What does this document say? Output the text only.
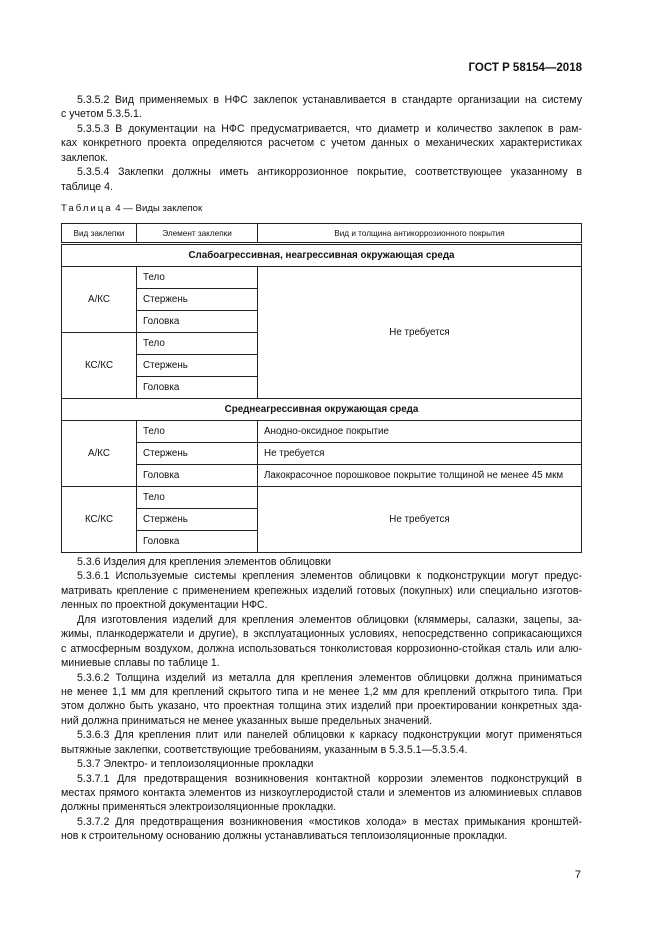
ГОСТ Р 58154—2018
5.3.5.2 Вид применяемых в НФС заклепок устанавливается в стандарте организации на систему
с учетом 5.3.5.1.
5.3.5.3 В документации на НФС предусматривается, что диаметр и количество заклепок в рам-
ках конкретного проекта определяются расчетом с учетом данных о механических характеристиках
заклепок.
5.3.5.4 Заклепки должны иметь антикоррозионное покрытие, соответствующее указанному в
таблице 4.
Таблица 4 — Виды заклепок
Вид заклепки	Элемент заклепки	Вид и толщина антикоррозионного покрытия
Слабоагрессивная, неагрессивная окружающая среда		
А/КС	Тело	Не требуется
	Стержень	
	Головка	
КС/КС	Тело	
	Стержень	
	Головка	
Среднеагрессивная окружающая среда		
А/КС	Тело	Анодно-оксидное покрытие
	Стержень	Не требуется
	Головка	Лакокрасочное порошковое покрытие толщиной не менее 45 мкм
КС/КС	Тело	Не требуется
	Стержень	
	Головка	
5.3.6 Изделия для крепления элементов облицовки
5.3.6.1 Используемые системы крепления элементов облицовки к подконструкции могут предус-
матривать крепление с применением крепежных изделий готовых (покупных) или специально изготов-
ленных по проектной документации НФС.
Для изготовления изделий для крепления элементов облицовки (кляммеры, салазки, зацепы, за-
жимы, планкодержатели и другие), в эксплуатационных условиях, непосредственно соприкасающихся
с атмосферным воздухом, должна использоваться тонколистовая коррозионно-стойкая сталь или алю-
миниевые сплавы по таблице 1.
5.3.6.2 Толщина изделий из металла для крепления элементов облицовки должна приниматься
не менее 1,1 мм для креплений скрытого типа и не менее 1,2 мм для креплений открытого типа. При
этом должно быть указано, что проектная толщина этих изделий при проектировании конкретных зда-
ний должна приниматься не менее указанных выше предельных значений.
5.3.6.3 Для крепления плит или панелей облицовки к каркасу подконструкции могут применяться
вытяжные заклепки, соответствующие требованиям, указанным в 5.3.5.1—5.3.5.4.
5.3.7 Электро- и теплоизоляционные прокладки
5.3.7.1 Для предотвращения возникновения контактной коррозии элементов подконструкций в
местах прямого контакта элементов из низкоуглеродистой стали и элементов из алюминиевых сплавов
должны применяться электроизоляционные прокладки.
5.3.7.2 Для предотвращения возникновения «мостиков холода» в местах примыкания кронштей-
нов к строительному основанию должны устанавливаться теплоизоляционные прокладки.
7
